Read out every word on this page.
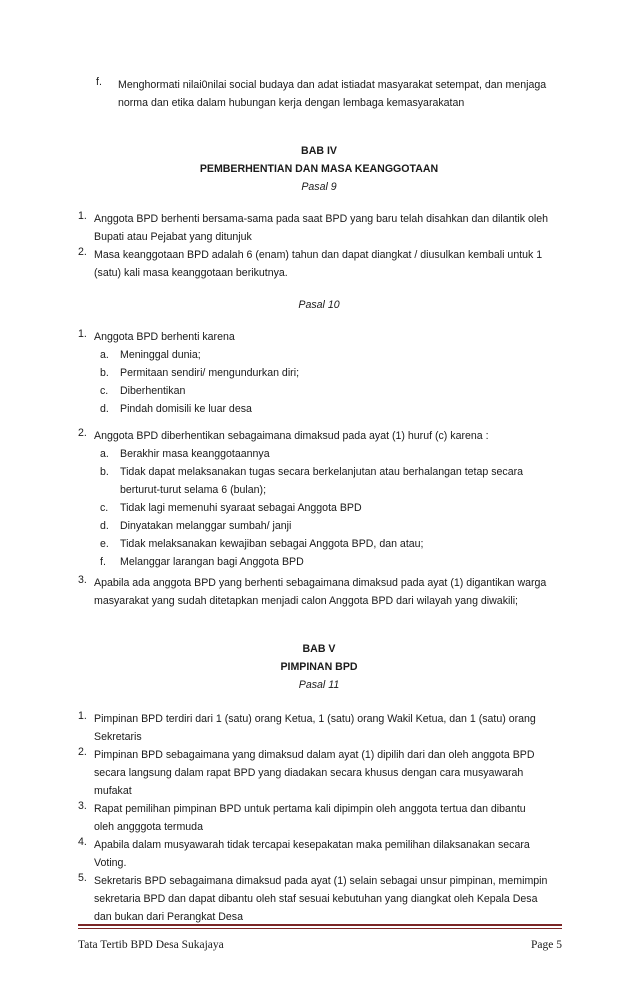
f. Menghormati nilai0nilai social budaya dan adat istiadat masyarakat setempat, dan menjaga
norma dan etika dalam hubungan kerja dengan lembaga kemasyarakatan
BAB IV
PEMBERHENTIAN DAN MASA KEANGGOTAAN
Pasal 9
1. Anggota BPD berhenti bersama-sama pada saat BPD yang baru telah disahkan dan dilantik oleh
Bupati atau Pejabat yang ditunjuk
2. Masa keanggotaan BPD adalah 6 (enam) tahun dan dapat diangkat / diusulkan kembali untuk 1
(satu) kali masa keanggotaan berikutnya.
Pasal 10
1. Anggota BPD berhenti karena
a. Meninggal dunia;
b. Permitaan sendiri/ mengundurkan diri;
c. Diberhentikan
d. Pindah domisili ke luar desa
2. Anggota BPD diberhentikan sebagaimana dimaksud pada ayat (1) huruf (c) karena :
a. Berakhir masa keanggotaannya
b. Tidak dapat melaksanakan tugas secara berkelanjutan atau berhalangan tetap secara
berturut-turut selama 6 (bulan);
c. Tidak lagi memenuhi syaraat sebagai Anggota BPD
d. Dinyatakan melanggar sumbah/ janji
e. Tidak melaksanakan kewajiban sebagai Anggota BPD, dan atau;
f. Melanggar larangan bagi Anggota BPD
3. Apabila ada anggota BPD yang berhenti sebagaimana dimaksud pada ayat (1) digantikan warga
masyarakat yang sudah ditetapkan menjadi calon Anggota BPD dari wilayah yang diwakili;
BAB V
PIMPINAN BPD
Pasal 11
1. Pimpinan BPD terdiri dari 1 (satu) orang Ketua, 1 (satu) orang Wakil Ketua, dan 1 (satu) orang
Sekretaris
2. Pimpinan BPD sebagaimana yang dimaksud dalam ayat (1) dipilih dari dan oleh anggota BPD
secara langsung dalam rapat BPD yang diadakan secara khusus dengan cara musyawarah
mufakat
3. Rapat pemilihan pimpinan BPD untuk pertama kali dipimpin oleh anggota tertua dan dibantu
oleh angggota termuda
4. Apabila dalam musyawarah tidak tercapai kesepakatan maka pemilihan dilaksanakan secara
Voting.
5. Sekretaris BPD sebagaimana dimaksud pada ayat (1) selain sebagai unsur pimpinan, memimpin
sekretaria BPD dan dapat dibantu oleh staf sesuai kebutuhan yang diangkat oleh Kepala Desa
dan bukan dari Perangkat Desa
Tata Tertib BPD Desa Sukajaya	Page 5
